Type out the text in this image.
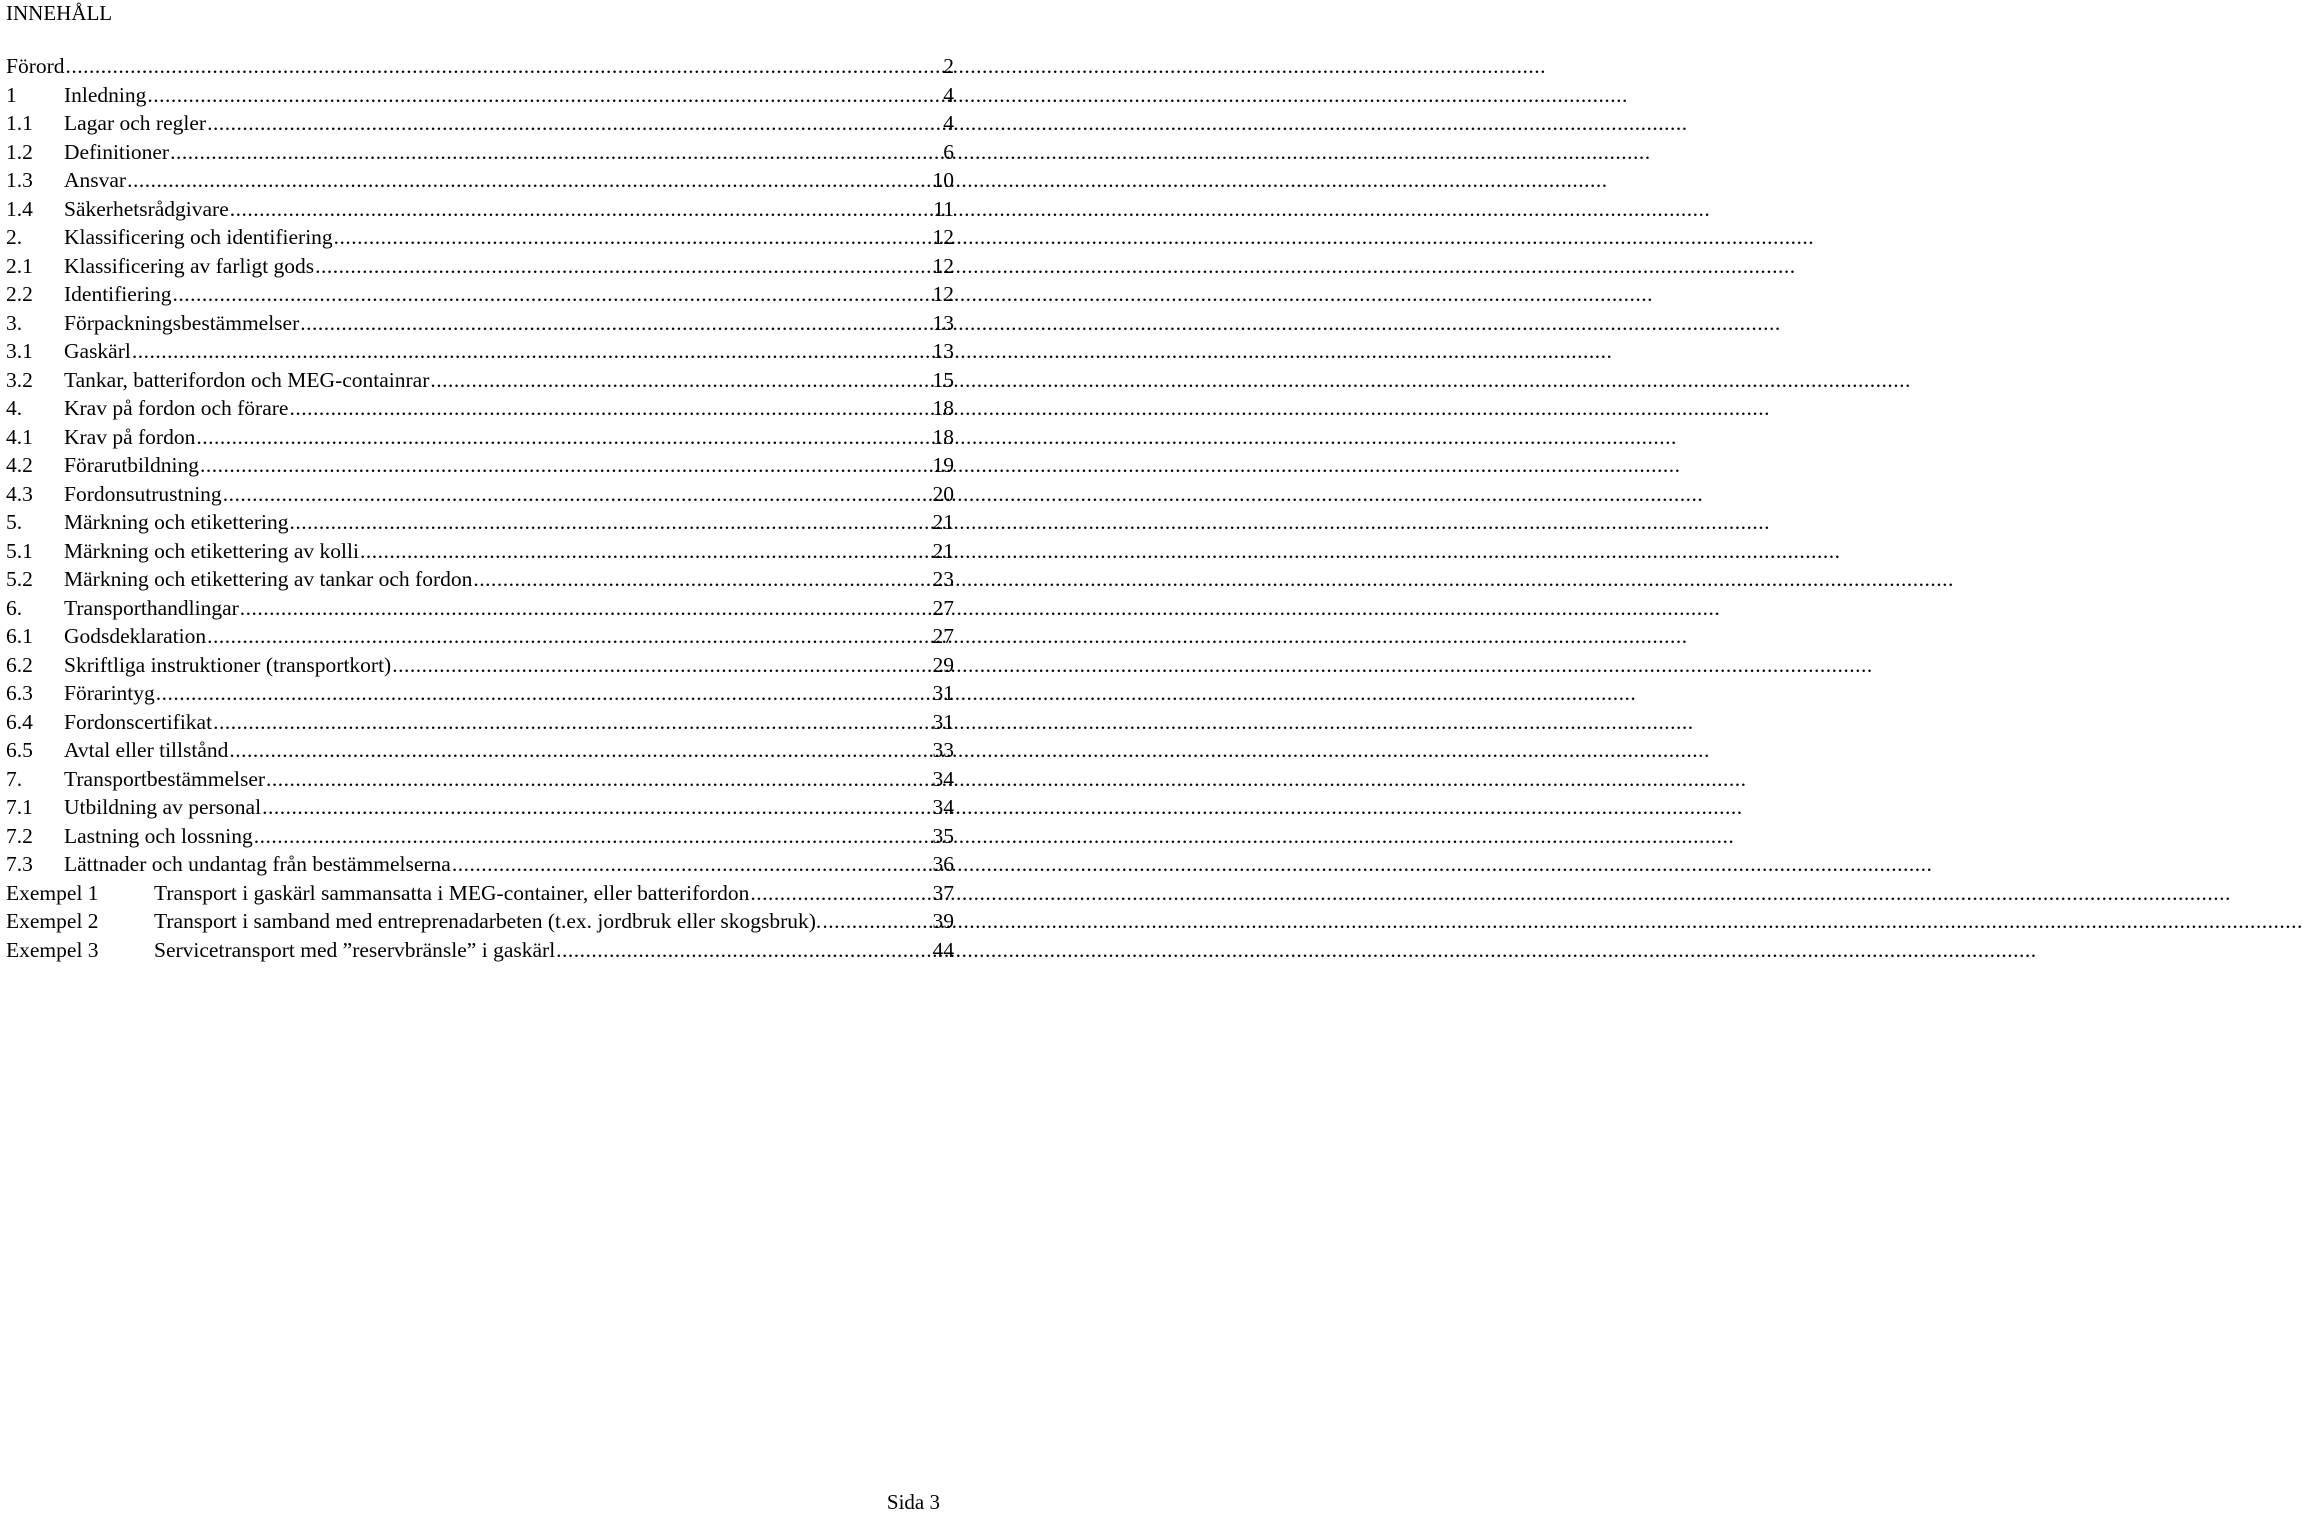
INNEHÅLL
Förord .....	2
1	Inledning .....	4
1.1	Lagar och regler .....	4
1.2	Definitioner .....	6
1.3	Ansvar .....	10
1.4	Säkerhetsrådgivare .....	11
2.	Klassificering och identifiering .....	12
2.1	Klassificering av farligt gods .....	12
2.2	Identifiering .....	12
3.	Förpackningsbestämmelser .....	13
3.1	Gaskärl .....	13
3.2	Tankar, batterifordon och MEG-containrar .....	15
4.	Krav på fordon och förare .....	18
4.1	Krav på fordon .....	18
4.2	Förarutbildning .....	19
4.3	Fordonsutrustning .....	20
5.	Märkning och etikettering .....	21
5.1	Märkning och etikettering av kolli .....	21
5.2	Märkning och etikettering av tankar och fordon .....	23
6.	Transporthandlingar .....	27
6.1	Godsdeklaration .....	27
6.2	Skriftliga instruktioner (transportkort) .....	29
6.3	Förarintyg .....	31
6.4	Fordonscertifikat .....	31
6.5	Avtal eller tillstånd .....	33
7.	Transportbestämmelser .....	34
7.1	Utbildning av personal .....	34
7.2	Lastning och lossning .....	35
7.3	Lättnader och undantag från bestämmelserna .....	36
Exempel 1	Transport i gaskärl sammansatta i MEG-container, eller batterifordon .....	37
Exempel 2	Transport i samband med entreprenadarbeten (t.ex. jordbruk eller skogsbruk). .....	39
Exempel 3	Servicetransport med ”reservbränsle” i gaskärl .....	44
Sida 3
